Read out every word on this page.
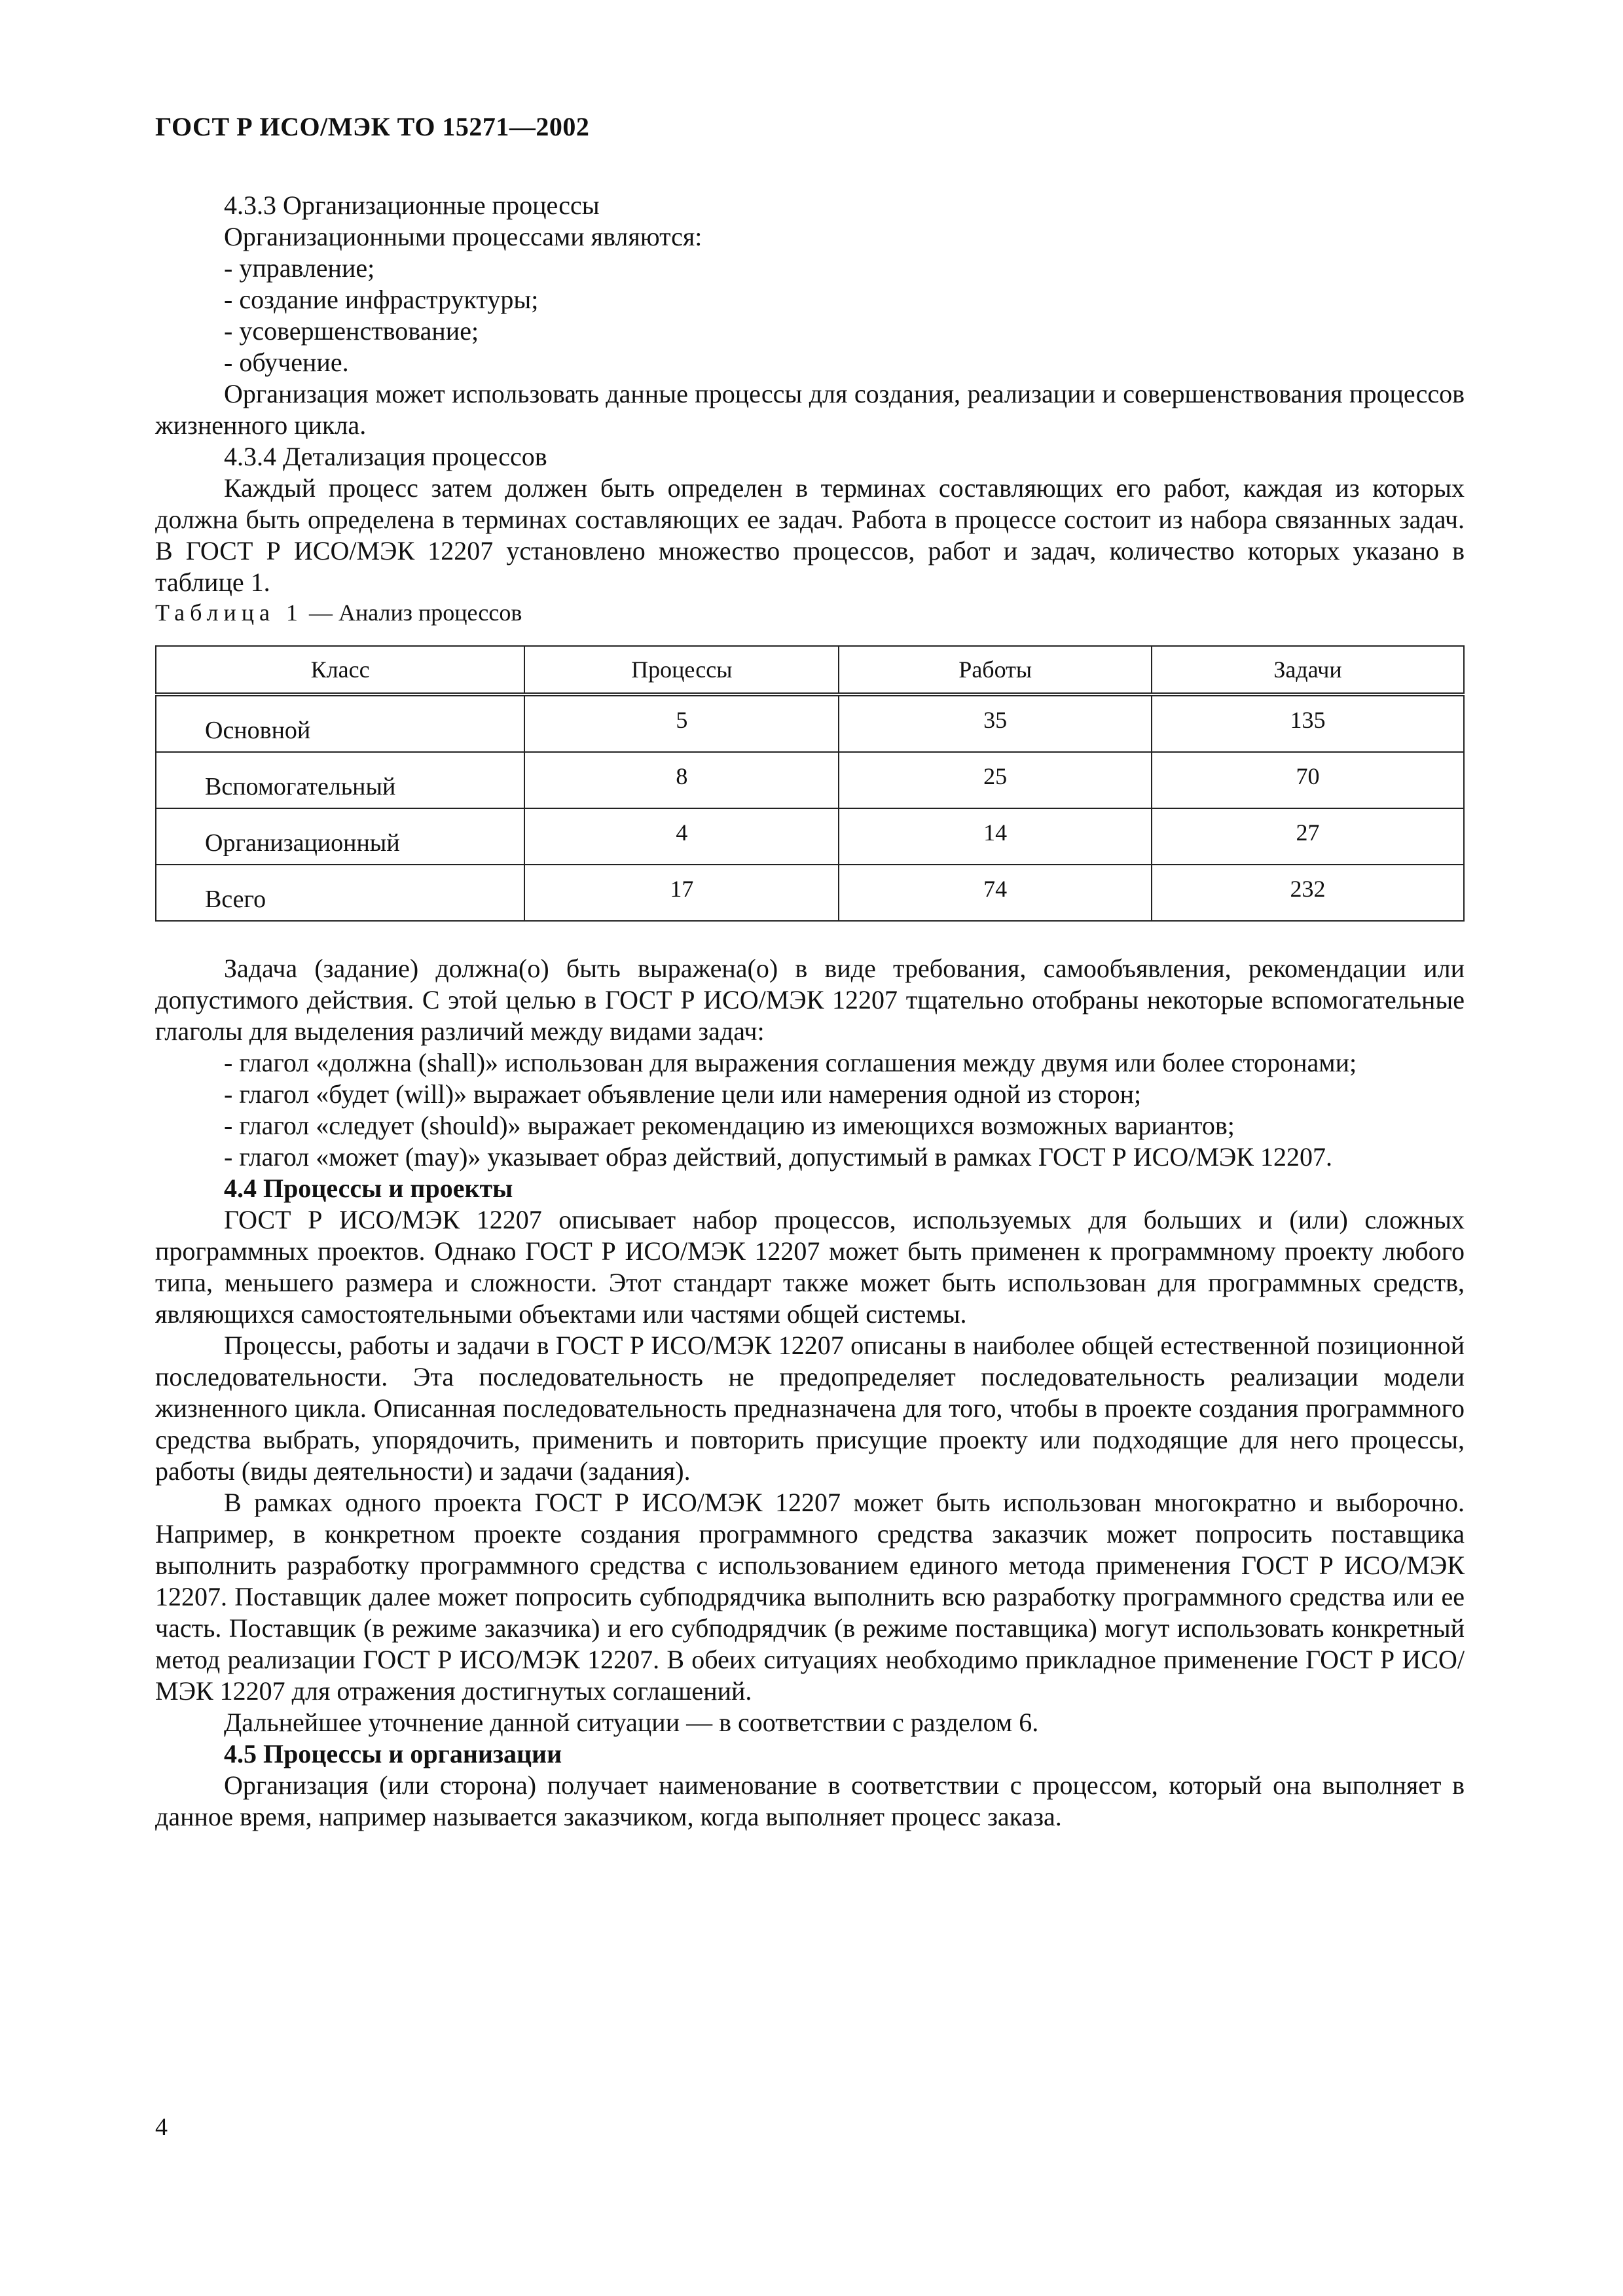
ГОСТ Р ИСО/МЭК ТО 15271—2002

4.3.3 Организационные процессы

Организационными процессами являются:

- управление;

- создание инфраструктуры;

- усовершенствование;

- обучение.

Организация может использовать данные процессы для создания, реализации и совершенствования процессов жизненного цикла.

4.3.4 Детализация процессов

Каждый процесс затем должен быть определен в терминах составляющих его работ, каждая из которых должна быть определена в терминах составляющих ее задач. Работа в процессе состоит из набора связанных задач. В ГОСТ Р ИСО/МЭК 12207 установлено множество процессов, работ и задач, количество которых указано в таблице 1.

Таблица 1 — Анализ процессов

Класс	Процессы	Работы	Задачи
Основной	5	35	135
Вспомогательный	8	25	70
Организационный	4	14	27
Всего	17	74	232

Задача (задание) должна(о) быть выражена(о) в виде требования, самообъявления, рекомендации или допустимого действия. С этой целью в ГОСТ Р ИСО/МЭК 12207 тщательно отобраны некоторые вспомогательные глаголы для выделения различий между видами задач:

- глагол «должна (shall)» использован для выражения соглашения между двумя или более сторонами;

- глагол «будет (will)» выражает объявление цели или намерения одной из сторон;

- глагол «следует (should)» выражает рекомендацию из имеющихся возможных вариантов;

- глагол «может (may)» указывает образ действий, допустимый в рамках ГОСТ Р ИСО/МЭК 12207.

4.4 Процессы и проекты

ГОСТ Р ИСО/МЭК 12207 описывает набор процессов, используемых для больших и (или) сложных программных проектов. Однако ГОСТ Р ИСО/МЭК 12207 может быть применен к программному проекту любого типа, меньшего размера и сложности. Этот стандарт также может быть использован для программных средств, являющихся самостоятельными объектами или частями общей системы.

Процессы, работы и задачи в ГОСТ Р ИСО/МЭК 12207 описаны в наиболее общей естественной позиционной последовательности. Эта последовательность не предопределяет последовательность реализации модели жизненного цикла. Описанная последовательность предназначена для того, чтобы в проекте создания программного средства выбрать, упорядочить, применить и повторить присущие проекту или подходящие для него процессы, работы (виды деятельности) и задачи (задания).

В рамках одного проекта ГОСТ Р ИСО/МЭК 12207 может быть использован многократно и выборочно. Например, в конкретном проекте создания программного средства заказчик может попросить поставщика выполнить разработку программного средства с использованием единого метода применения ГОСТ Р ИСО/МЭК 12207. Поставщик далее может попросить субподрядчика выполнить всю разработку программного средства или ее часть. Поставщик (в режиме заказчика) и его субподрядчик (в режиме поставщика) могут использовать конкретный метод реализации ГОСТ Р ИСО/МЭК 12207. В обеих ситуациях необходимо прикладное применение ГОСТ Р ИСО/МЭК 12207 для отражения достигнутых соглашений.

Дальнейшее уточнение данной ситуации — в соответствии с разделом 6.

4.5 Процессы и организации

Организация (или сторона) получает наименование в соответствии с процессом, который она выполняет в данное время, например называется заказчиком, когда выполняет процесс заказа.

4
